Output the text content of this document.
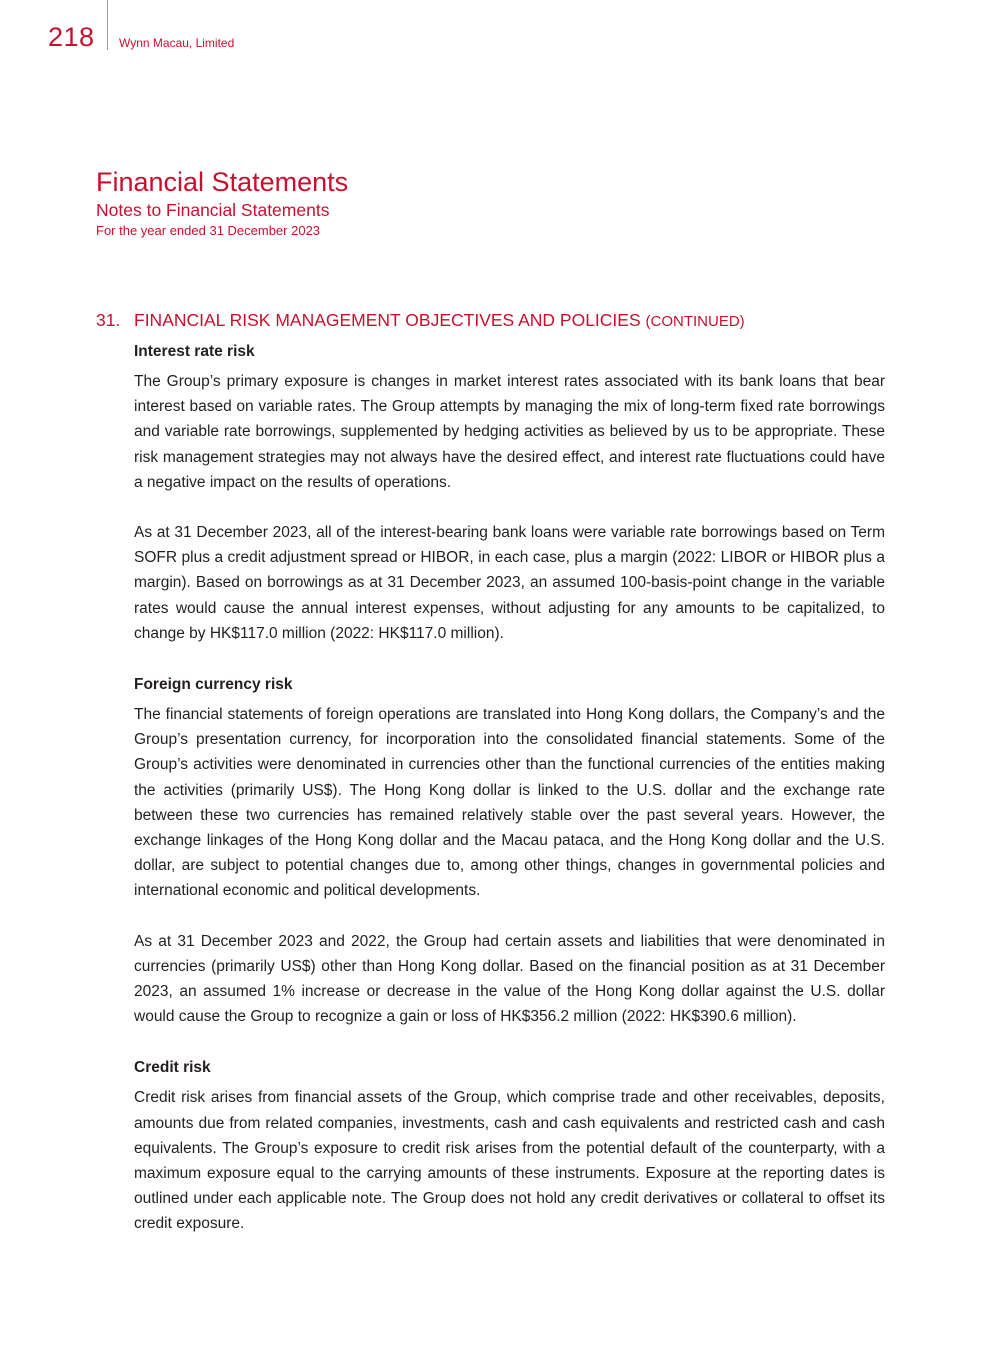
218 Wynn Macau, Limited
Financial Statements
Notes to Financial Statements
For the year ended 31 December 2023
31. FINANCIAL RISK MANAGEMENT OBJECTIVES AND POLICIES (CONTINUED)

Interest rate risk

The Group’s primary exposure is changes in market interest rates associated with its bank loans that bear interest based on variable rates. The Group attempts by managing the mix of long-term fixed rate borrowings and variable rate borrowings, supplemented by hedging activities as believed by us to be appropriate. These risk management strategies may not always have the desired effect, and interest rate fluctuations could have a negative impact on the results of operations.

As at 31 December 2023, all of the interest-bearing bank loans were variable rate borrowings based on Term SOFR plus a credit adjustment spread or HIBOR, in each case, plus a margin (2022: LIBOR or HIBOR plus a margin). Based on borrowings as at 31 December 2023, an assumed 100-basis-point change in the variable rates would cause the annual interest expenses, without adjusting for any amounts to be capitalized, to change by HK$117.0 million (2022: HK$117.0 million).

Foreign currency risk

The financial statements of foreign operations are translated into Hong Kong dollars, the Company’s and the Group’s presentation currency, for incorporation into the consolidated financial statements. Some of the Group’s activities were denominated in currencies other than the functional currencies of the entities making the activities (primarily US$). The Hong Kong dollar is linked to the U.S. dollar and the exchange rate between these two currencies has remained relatively stable over the past several years. However, the exchange linkages of the Hong Kong dollar and the Macau pataca, and the Hong Kong dollar and the U.S. dollar, are subject to potential changes due to, among other things, changes in governmental policies and international economic and political developments.

As at 31 December 2023 and 2022, the Group had certain assets and liabilities that were denominated in currencies (primarily US$) other than Hong Kong dollar. Based on the financial position as at 31 December 2023, an assumed 1% increase or decrease in the value of the Hong Kong dollar against the U.S. dollar would cause the Group to recognize a gain or loss of HK$356.2 million (2022: HK$390.6 million).

Credit risk

Credit risk arises from financial assets of the Group, which comprise trade and other receivables, deposits, amounts due from related companies, investments, cash and cash equivalents and restricted cash and cash equivalents. The Group’s exposure to credit risk arises from the potential default of the counterparty, with a maximum exposure equal to the carrying amounts of these instruments. Exposure at the reporting dates is outlined under each applicable note. The Group does not hold any credit derivatives or collateral to offset its credit exposure.
